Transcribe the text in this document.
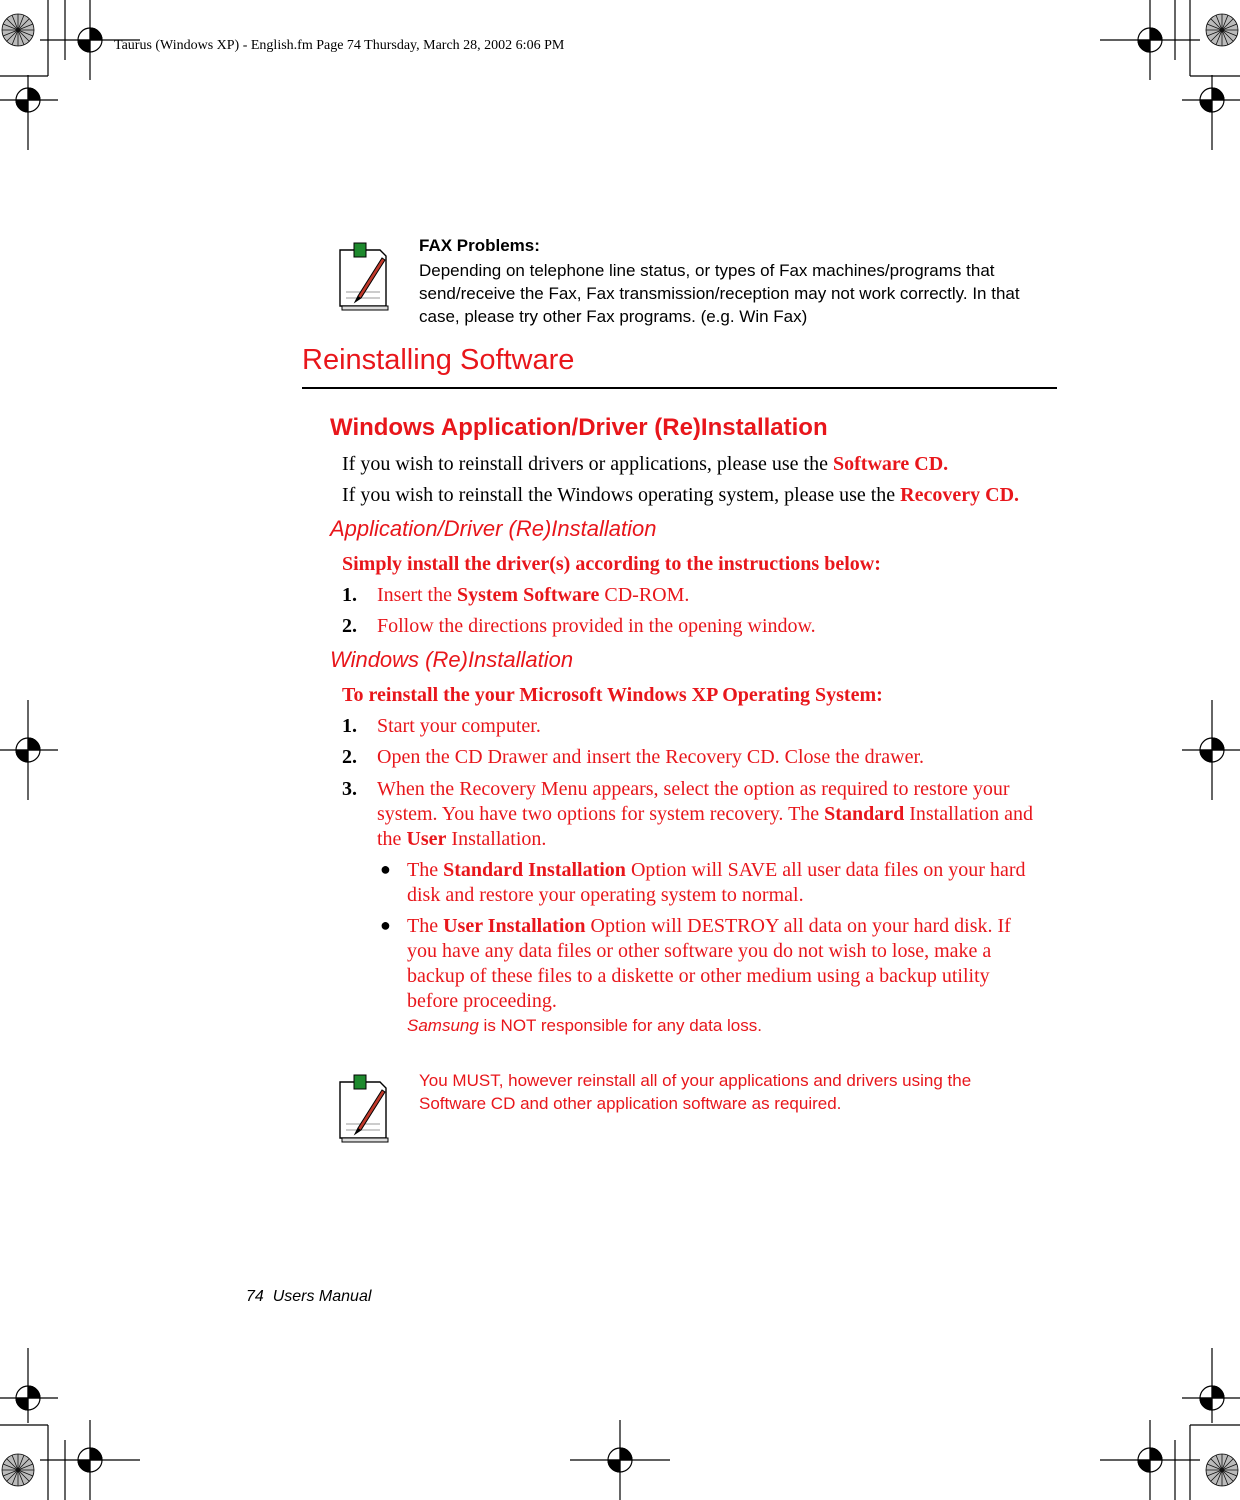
Taurus (Windows XP) - English.fm Page 74 Thursday, March 28, 2002 6:06 PM
FAX Problems:
Depending on telephone line status, or types of Fax machines/programs that send/receive the Fax, Fax transmission/reception may not work correctly. In that case, please try other Fax programs. (e.g. Win Fax)
Reinstalling Software
Windows Application/Driver (Re)Installation
If you wish to reinstall drivers or applications, please use the Software CD.
If you wish to reinstall the Windows operating system, please use the Recovery CD.
Application/Driver (Re)Installation
Simply install the driver(s) according to the instructions below:
1. Insert the System Software CD-ROM.
2. Follow the directions provided in the opening window.
Windows (Re)Installation
To reinstall the your Microsoft Windows XP Operating System:
1. Start your computer.
2. Open the CD Drawer and insert the Recovery CD. Close the drawer.
3. When the Recovery Menu appears, select the option as required to restore your
system. You have two options for system recovery. The Standard Installation and
the User Installation.
● The Standard Installation Option will SAVE all user data files on your hard
disk and restore your operating system to normal.
● The User Installation Option will DESTROY all data on your hard disk. If
you have any data files or other software you do not wish to lose, make a
backup of these files to a diskette or other medium using a backup utility
before proceeding.
Samsung is NOT responsible for any data loss.
You MUST, however reinstall all of your applications and drivers using the
Software CD and other application software as required.
74  Users Manual
